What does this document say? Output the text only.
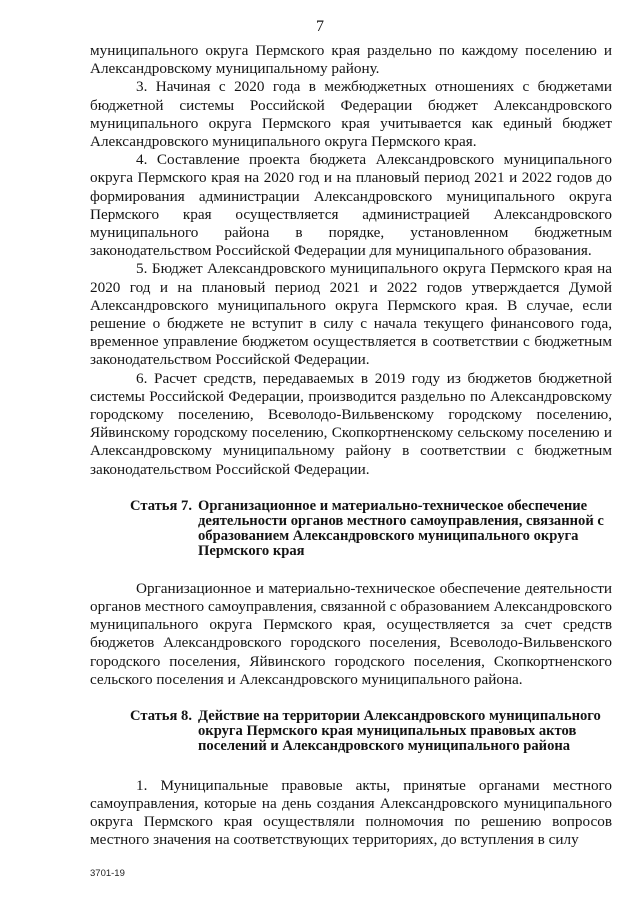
7

муниципального округа Пермского края раздельно по каждому поселению и Александровскому муниципальному району.

3. Начиная с 2020 года в межбюджетных отношениях с бюджетами бюджетной системы Российской Федерации бюджет Александровского муниципального округа Пермского края учитывается как единый бюджет Александровского муниципального округа Пермского края.

4. Составление проекта бюджета Александровского муниципального округа Пермского края на 2020 год и на плановый период 2021 и 2022 годов до формирования администрации Александровского муниципального округа Пермского края осуществляется администрацией Александровского муниципального района в порядке, установленном бюджетным законодательством Российской Федерации для муниципального образования.

5. Бюджет Александровского муниципального округа Пермского края на 2020 год и на плановый период 2021 и 2022 годов утверждается Думой Александровского муниципального округа Пермского края. В случае, если решение о бюджете не вступит в силу с начала текущего финансового года, временное управление бюджетом осуществляется в соответствии с бюджетным законодательством Российской Федерации.

6. Расчет средств, передаваемых в 2019 году из бюджетов бюджетной системы Российской Федерации, производится раздельно по Александровскому городскому поселению, Всеволодо-Вильвенскому городскому поселению, Яйвинскому городскому поселению, Скопкортненскому сельскому поселению и Александровскому муниципальному району в соответствии с бюджетным законодательством Российской Федерации.

Статья 7. Организационное и материально-техническое обеспечение деятельности органов местного самоуправления, связанной с образованием Александровского муниципального округа Пермского края

Организационное и материально-техническое обеспечение деятельности органов местного самоуправления, связанной с образованием Александровского муниципального округа Пермского края, осуществляется за счет средств бюджетов Александровского городского поселения, Всеволодо-Вильвенского городского поселения, Яйвинского городского поселения, Скопкортненского сельского поселения и Александровского муниципального района.

Статья 8. Действие на территории Александровского муниципального округа Пермского края муниципальных правовых актов поселений и Александровского муниципального района

1. Муниципальные правовые акты, принятые органами местного самоуправления, которые на день создания Александровского муниципального округа Пермского края осуществляли полномочия по решению вопросов местного значения на соответствующих территориях, до вступления в силу

3701-19
